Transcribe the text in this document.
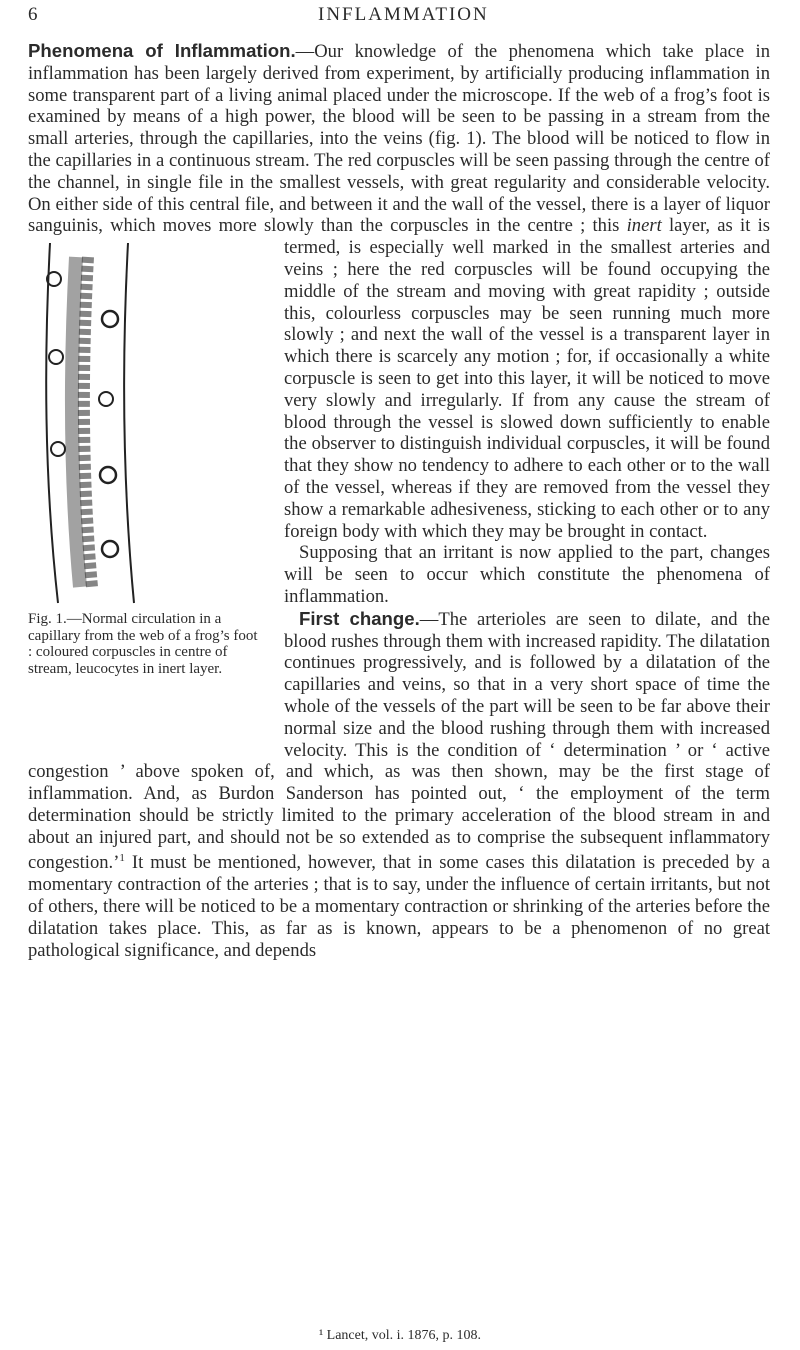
6	INFLAMMATION

Phenomena of Inflammation.—Our knowledge of the phenomena which take place in inflammation has been largely derived from experiment, by artificially producing inflammation in some transparent part of a living animal placed under the microscope. If the web of a frog’s foot is examined by means of a high power, the blood will be seen to be passing in a stream from the small arteries, through the capillaries, into the veins (fig. 1). The blood will be noticed to flow in the capillaries in a continuous stream. The red corpuscles will be seen passing through the centre of the channel, in single file in the smallest vessels, with great regularity and considerable velocity. On either side of this central file, and between it and the wall of the vessel, there is a layer of liquor sanguinis, which moves more slowly than the corpuscles in the centre ; this
Fig. 1.—Normal circulation in a capillary from the web of a frog’s foot : coloured corpuscles in centre of stream, leucocytes in inert layer.
inert layer, as it is termed, is especially well marked in the smallest arteries and veins ; here the red corpuscles will be found occupying the middle of the stream and moving with great rapidity ; outside this, colourless corpuscles may be seen running much more slowly ; and next the wall of the vessel is a transparent layer in which there is scarcely any motion ; for, if occasionally a white corpuscle is seen to get into this layer, it will be noticed to move very slowly and irregularly. If from any cause the stream of blood through the vessel is slowed down sufficiently to enable the observer to distinguish individual corpuscles, it will be found that they show no tendency to adhere to each other or to the wall of the vessel, whereas if they are removed from the vessel they show a remarkable adhesiveness, sticking to each other or to any foreign body with which they may be brought in contact.

Supposing that an irritant is now applied to the part, changes will be seen to occur which constitute the phenomena of inflammation.

First change.—The arterioles are seen to dilate, and the blood rushes through them with increased rapidity. The dilatation continues progressively, and is followed by a dilatation of the capillaries and veins, so that in a very short space of time the whole of the vessels of the part will be seen to be far above their normal size and the blood rushing through them with increased velocity. This is the condition of ‘ determination ’ or ‘ active congestion ’ above spoken of, and which, as was then shown, may be the first stage of inflammation. And, as Burdon Sanderson has pointed out, ‘ the employment of the term determination should be strictly limited to the primary acceleration of the blood stream in and about an injured part, and should not be so extended as to comprise the subsequent inflammatory congestion.’$^1$ It must be mentioned, however, that in some cases this dilatation is preceded by a momentary contraction of the arteries ; that is to say, under the influence of certain irritants, but not of others, there will be noticed to be a momentary contraction or shrinking of the arteries before the dilatation takes place. This, as far as is known, appears to be a phenomenon of no great pathological significance, and depends

¹ Lancet, vol. i. 1876, p. 108.
